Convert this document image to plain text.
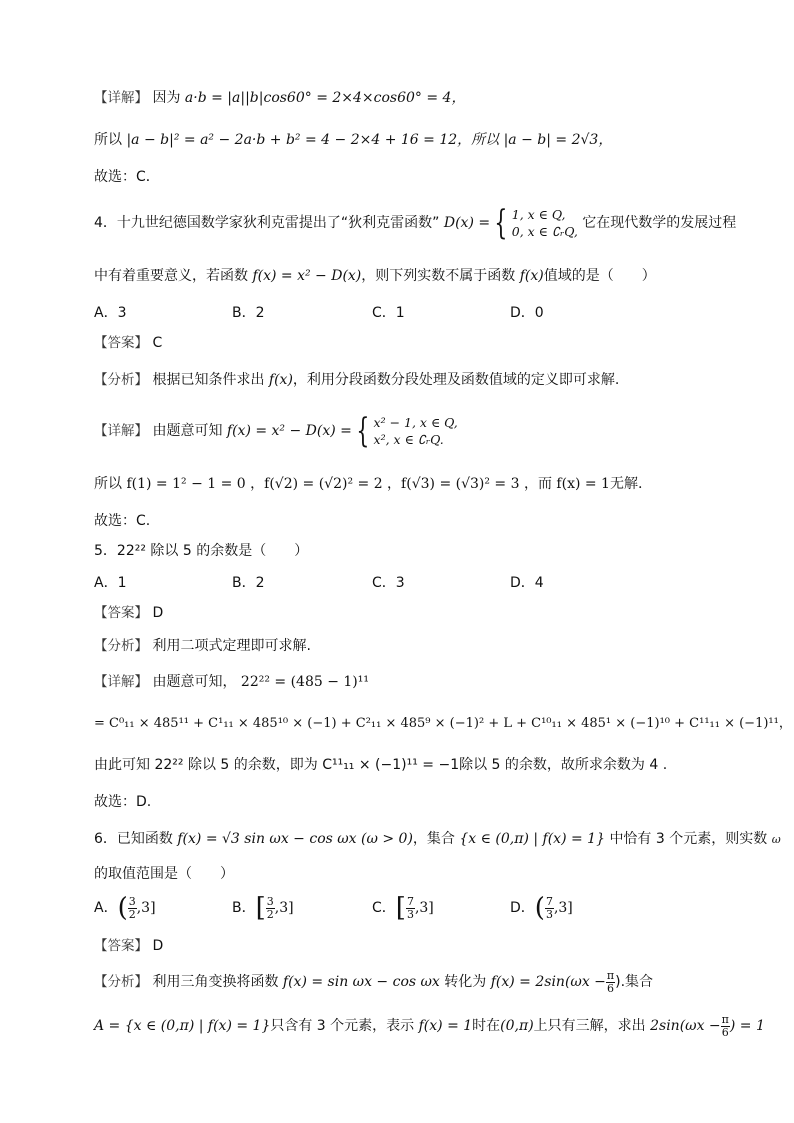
【详解】 因为 a·b = |a||b|cos60° = 2×4×cos60° = 4，
所以 |a − b|² = a² − 2a·b + b² = 4 − 2×4 + 16 = 12，所以 |a − b| = 2√3，
故选：C．
4．十九世纪德国数学家狄利克雷提出了“狄利克雷函数” D(x) = { 1, x ∈ Q,
0, x ∈ ∁ᵣQ,
它在现代数学的发展过程
中有着重要意义，若函数 f(x) = x² − D(x)，则下列实数不属于函数 f(x)值域的是（　　）
A．3	B．2	C．1	D．0
【答案】 C
【分析】 根据已知条件求出 f(x)，利用分段函数分段处理及函数值域的定义即可求解.
【详解】 由题意可知 f(x) = x² − D(x) = { x² − 1, x ∈ Q,
x², x ∈ ∁ᵣQ.
所以 f(1) = 1² − 1 = 0 ，f(√2) = (√2)² = 2 ，f(√3) = (√3)² = 3 ，而 f(x) = 1无解.
故选：C.
5．22²² 除以 5 的余数是（　　）
A．1	B．2	C．3	D．4
【答案】 D
【分析】 利用二项式定理即可求解.
【详解】 由题意可知， 22²² = (485 − 1)¹¹
= C⁰₁₁ × 485¹¹ + C¹₁₁ × 485¹⁰ × (−1) + C²₁₁ × 485⁹ × (−1)² + L + C¹⁰₁₁ × 485¹ × (−1)¹⁰ + C¹¹₁₁ × (−1)¹¹，
由此可知 22²² 除以 5 的余数，即为 C¹¹₁₁ × (−1)¹¹ = −1除以 5 的余数，故所求余数为 4 .
故选：D.
6．已知函数 f(x) = √3 sin ωx − cos ωx (ω > 0)，集合 {x ∈ (0,π) | f(x) = 1} 中恰有 3 个元素，则实数 ω
的取值范围是（　　）
A．( $\frac{3}{2} ,3$]	B．[ $\frac{3}{2} ,3$]	C．[ $\frac{7}{3} ,3$]	D．( $\frac{7}{3} ,3$]
【答案】 D
【分析】 利用三角变换将函数 f(x) = sin ωx − cos ωx 转化为 $f(x) = 2\sin(\omega x - \frac{\pi}{6}$ ).集合
A = {x ∈ (0,π) | f(x) = 1}只含有 3 个元素，表示 f(x) = 1时在(0,π)上只有三解，求出 $2\sin(\omega x - \frac{\pi}{6}$ ) = 1
